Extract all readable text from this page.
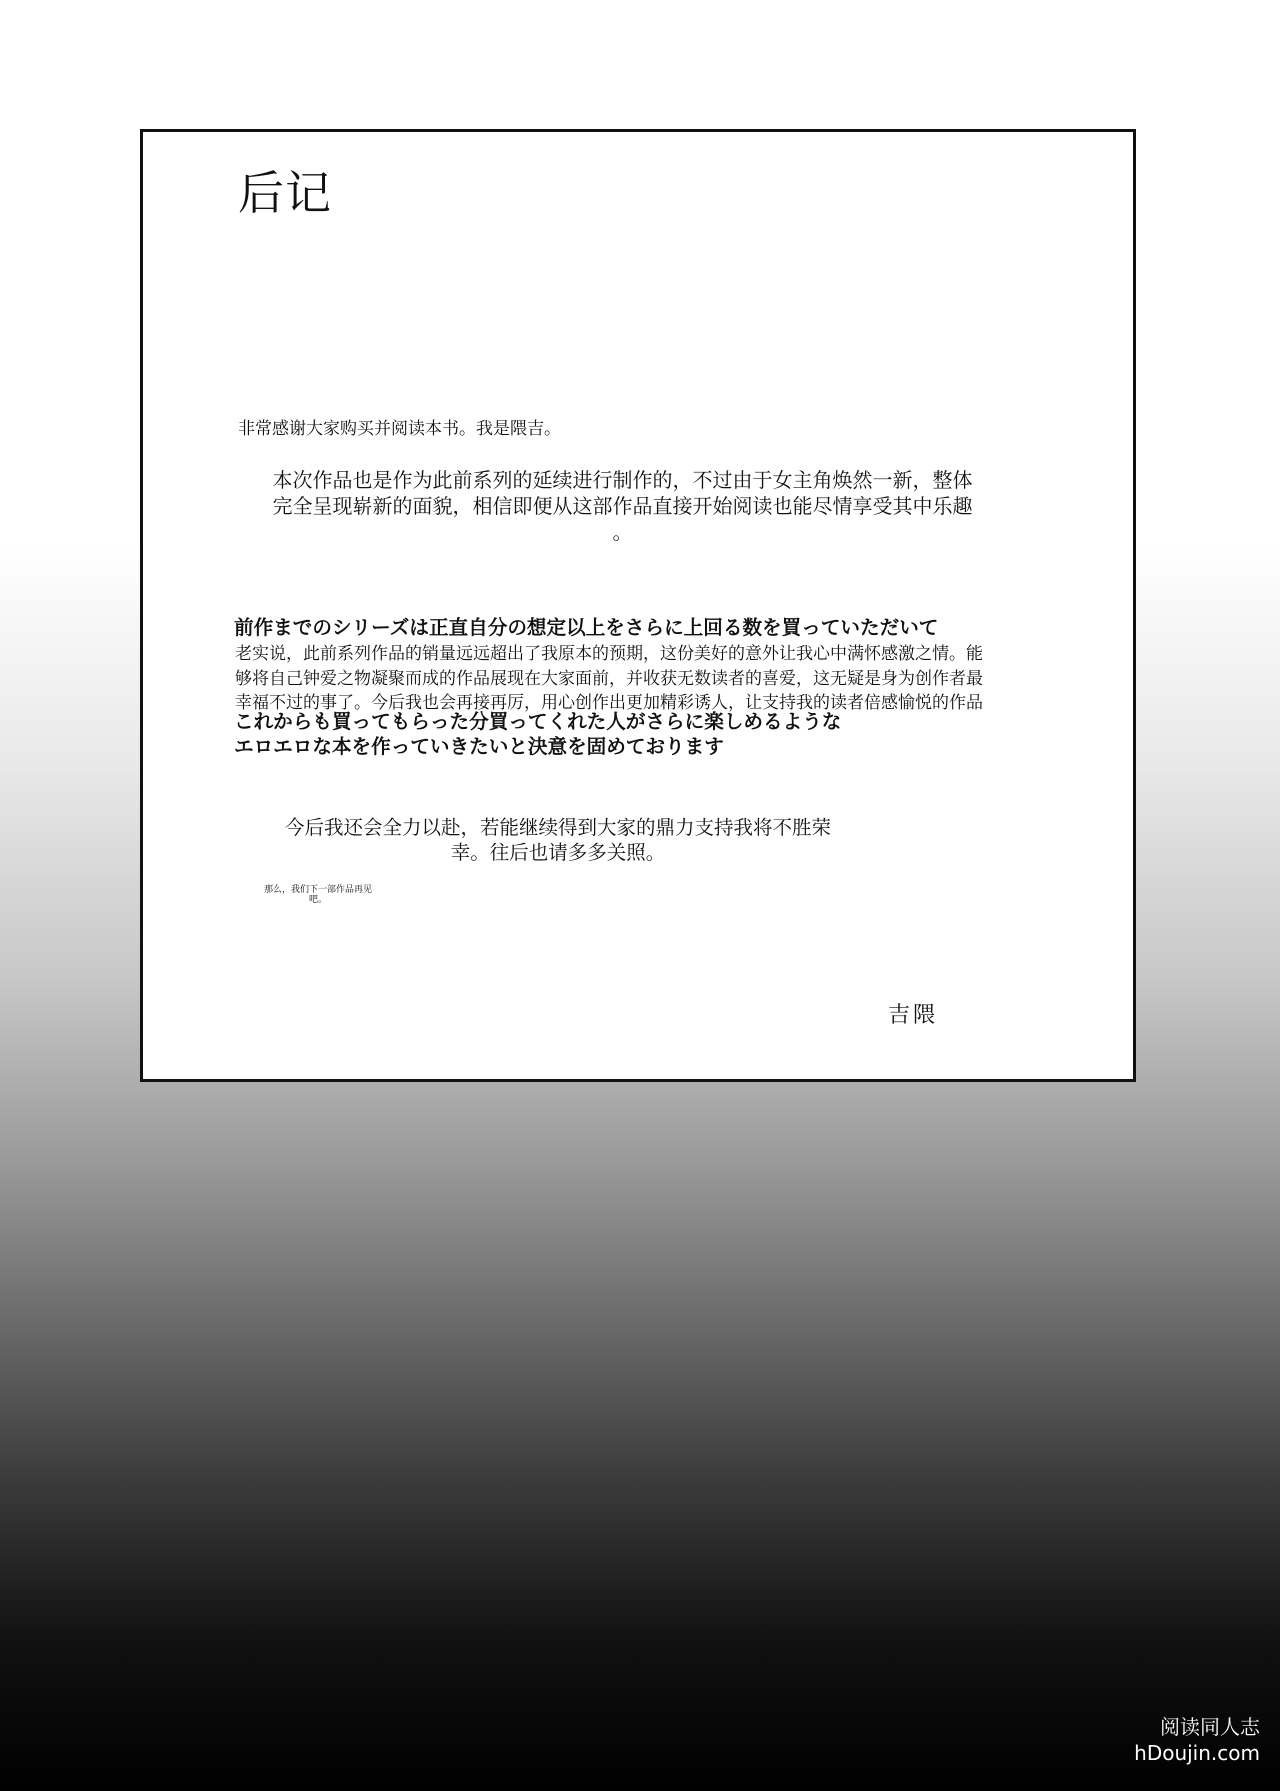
后记
非常感谢大家购买并阅读本书。我是隈吉。
本次作品也是作为此前系列的延续进行制作的，不过由于女主角焕然一新，整体
完全呈现崭新的面貌，相信即便从这部作品直接开始阅读也能尽情享受其中乐趣
。
前作までのシリーズは正直自分の想定以上をさらに上回る数を買っていただいて
老实说，此前系列作品的销量远远超出了我原本的预期，这份美好的意外让我心中满怀感激之情。能
够将自己钟爱之物凝聚而成的作品展现在大家面前，并收获无数读者的喜爱，这无疑是身为创作者最
幸福不过的事了。今后我也会再接再厉，用心创作出更加精彩诱人，让支持我的读者倍感愉悦的作品
これからも買ってもらった分買ってくれた人がさらに楽しめるような
エロエロな本を作っていきたいと決意を固めております
今后我还会全力以赴，若能继续得到大家的鼎力支持我将不胜荣
幸。往后也请多多关照。
那么，我们下一部作品再见
吧。
吉隈
阅读同人志
hDoujin.com
